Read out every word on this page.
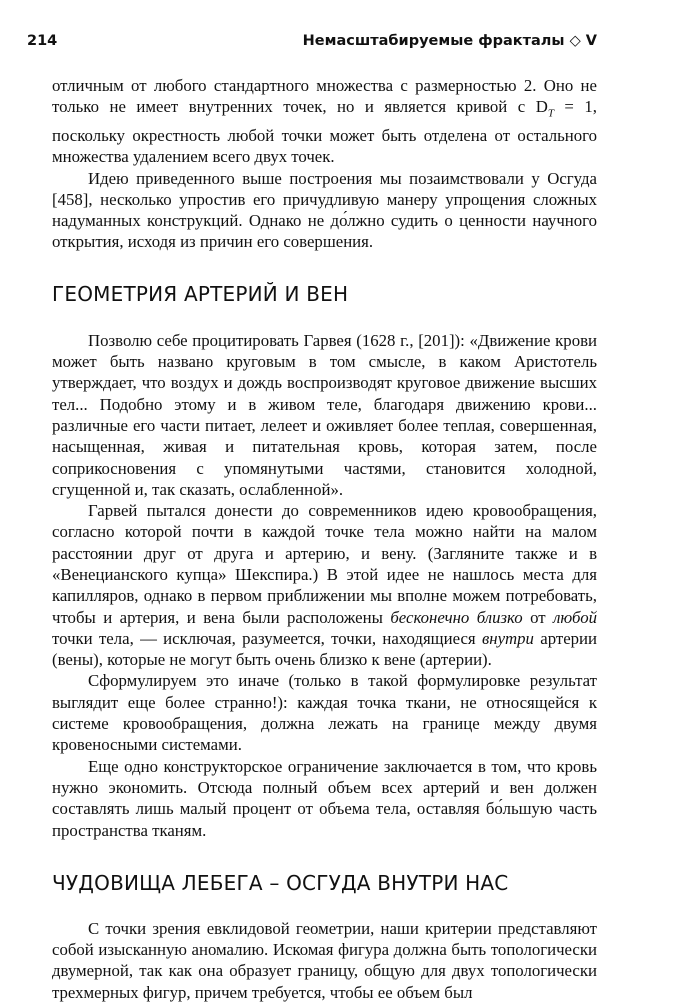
214	Немасштабируемые фракталы ◇ V

отличным от любого стандартного множества с размерностью 2. Оно не только не имеет внутренних точек, но и является кривой с $D_T = 1$, поскольку окрестность любой точки может быть отделена от остального множества удалением всего двух точек.

Идею приведенного выше построения мы позаимствовали у Осгуда [458], несколько упростив его причудливую манеру упрощения сложных надуманных конструкций. Однако не до́лжно судить о ценности научного открытия, исходя из причин его совершения.

ГЕОМЕТРИЯ АРТЕРИЙ И ВЕН

Позволю себе процитировать Гарвея (1628 г., [201]): «Движение крови может быть названо круговым в том смысле, в каком Аристотель утверждает, что воздух и дождь воспроизводят круговое движение высших тел... Подобно этому и в живом теле, благодаря движению крови... различные его части питает, лелеет и оживляет более теплая, совершенная, насыщенная, живая и питательная кровь, которая затем, после соприкосновения с упомянутыми частями, становится холодной, сгущенной и, так сказать, ослабленной».

Гарвей пытался донести до современников идею кровообращения, согласно которой почти в каждой точке тела можно найти на малом расстоянии друг от друга и артерию, и вену. (Загляните также и в «Венецианского купца» Шекспира.) В этой идее не нашлось места для капилляров, однако в первом приближении мы вполне можем потребовать, чтобы и артерия, и вена были расположены бесконечно близко от любой точки тела, — исключая, разумеется, точки, находящиеся внутри артерии (вены), которые не могут быть очень близко к вене (артерии).

Сформулируем это иначе (только в такой формулировке результат выглядит еще более странно!): каждая точка ткани, не относящейся к системе кровообращения, должна лежать на границе между двумя кровеносными системами.

Еще одно конструкторское ограничение заключается в том, что кровь нужно экономить. Отсюда полный объем всех артерий и вен должен составлять лишь малый процент от объема тела, оставляя бо́льшую часть пространства тканям.

ЧУДОВИЩА ЛЕБЕГА – ОСГУДА ВНУТРИ НАС

С точки зрения евклидовой геометрии, наши критерии представляют собой изысканную аномалию. Искомая фигура должна быть топологически двумерной, так как она образует границу, общую для двух топологически трехмерных фигур, причем требуется, чтобы ее объем был
